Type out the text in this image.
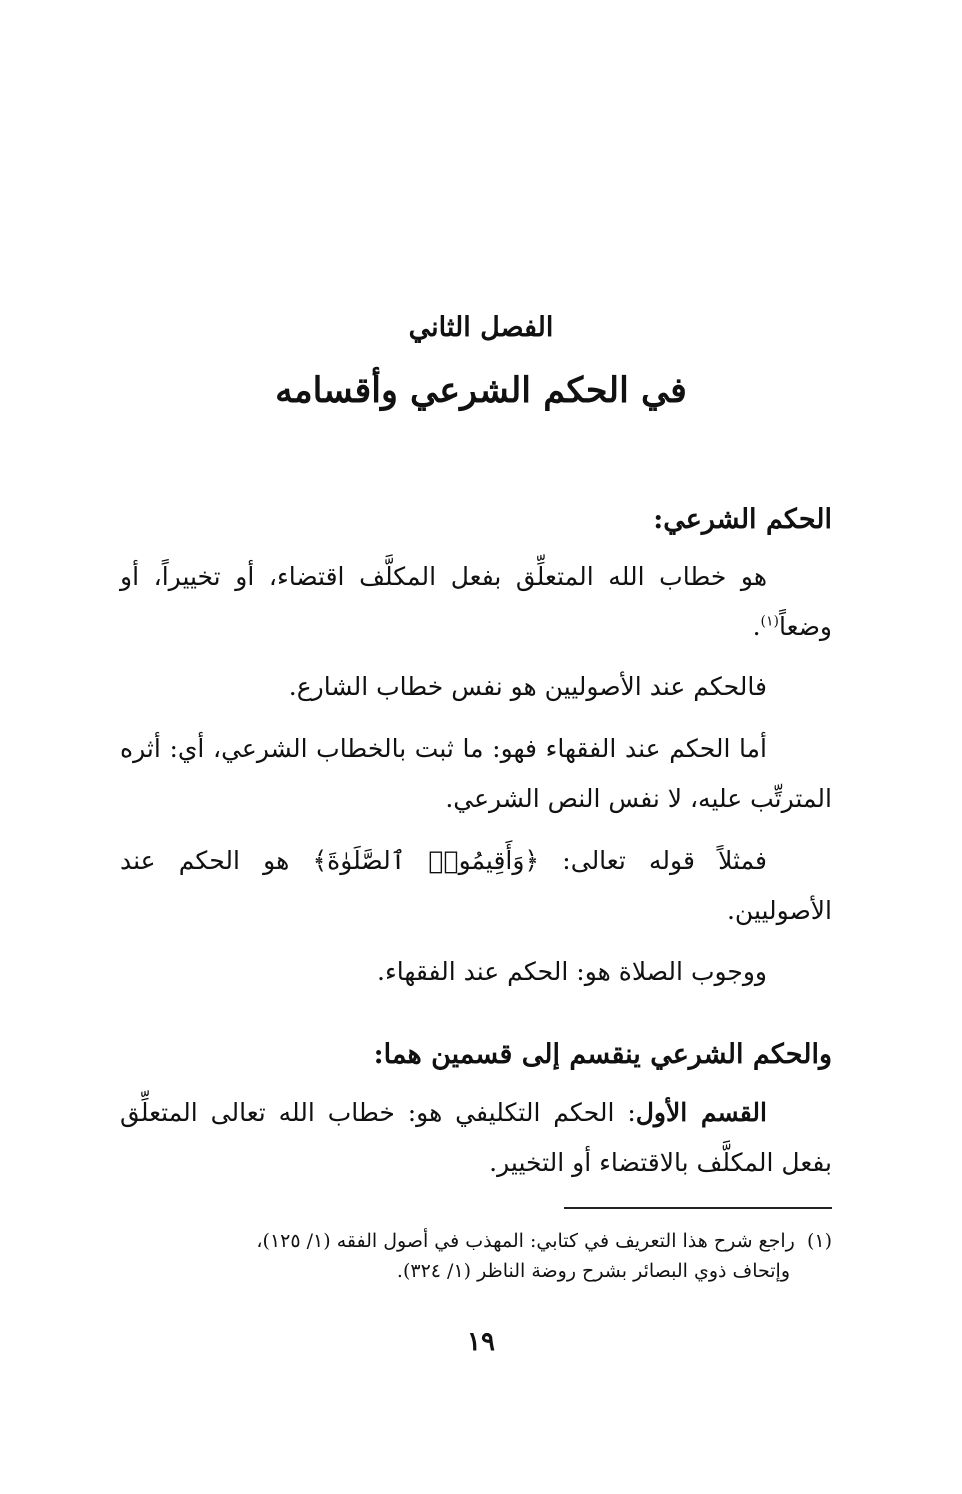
الفصل الثاني
في الحكم الشرعي وأقسامه

الحكم الشرعي:

هو خطاب الله المتعلِّق بفعل المكلَّف اقتضاء، أو تخييراً، أو وضعاً$^{(١)}$.

فالحكم عند الأصوليين هو نفس خطاب الشارع.

أما الحكم عند الفقهاء فهو: ما ثبت بالخطاب الشرعي، أي: أثره المترتِّب عليه، لا نفس النص الشرعي.

فمثلاً قوله تعالى: ﴿وَأَقِيمُوا۟ ٱلصَّلَوٰةَ﴾ هو الحكم عند الأصوليين.

ووجوب الصلاة هو: الحكم عند الفقهاء.

والحكم الشرعي ينقسم إلى قسمين هما:

القسم الأول: الحكم التكليفي هو: خطاب الله تعالى المتعلِّق بفعل المكلَّف بالاقتضاء أو التخيير.

(١)  راجع شرح هذا التعريف في كتابي: المهذب في أصول الفقه (١/ ١٢٥)،
وإتحاف ذوي البصائر بشرح روضة الناظر (١/ ٣٢٤).
١٩
